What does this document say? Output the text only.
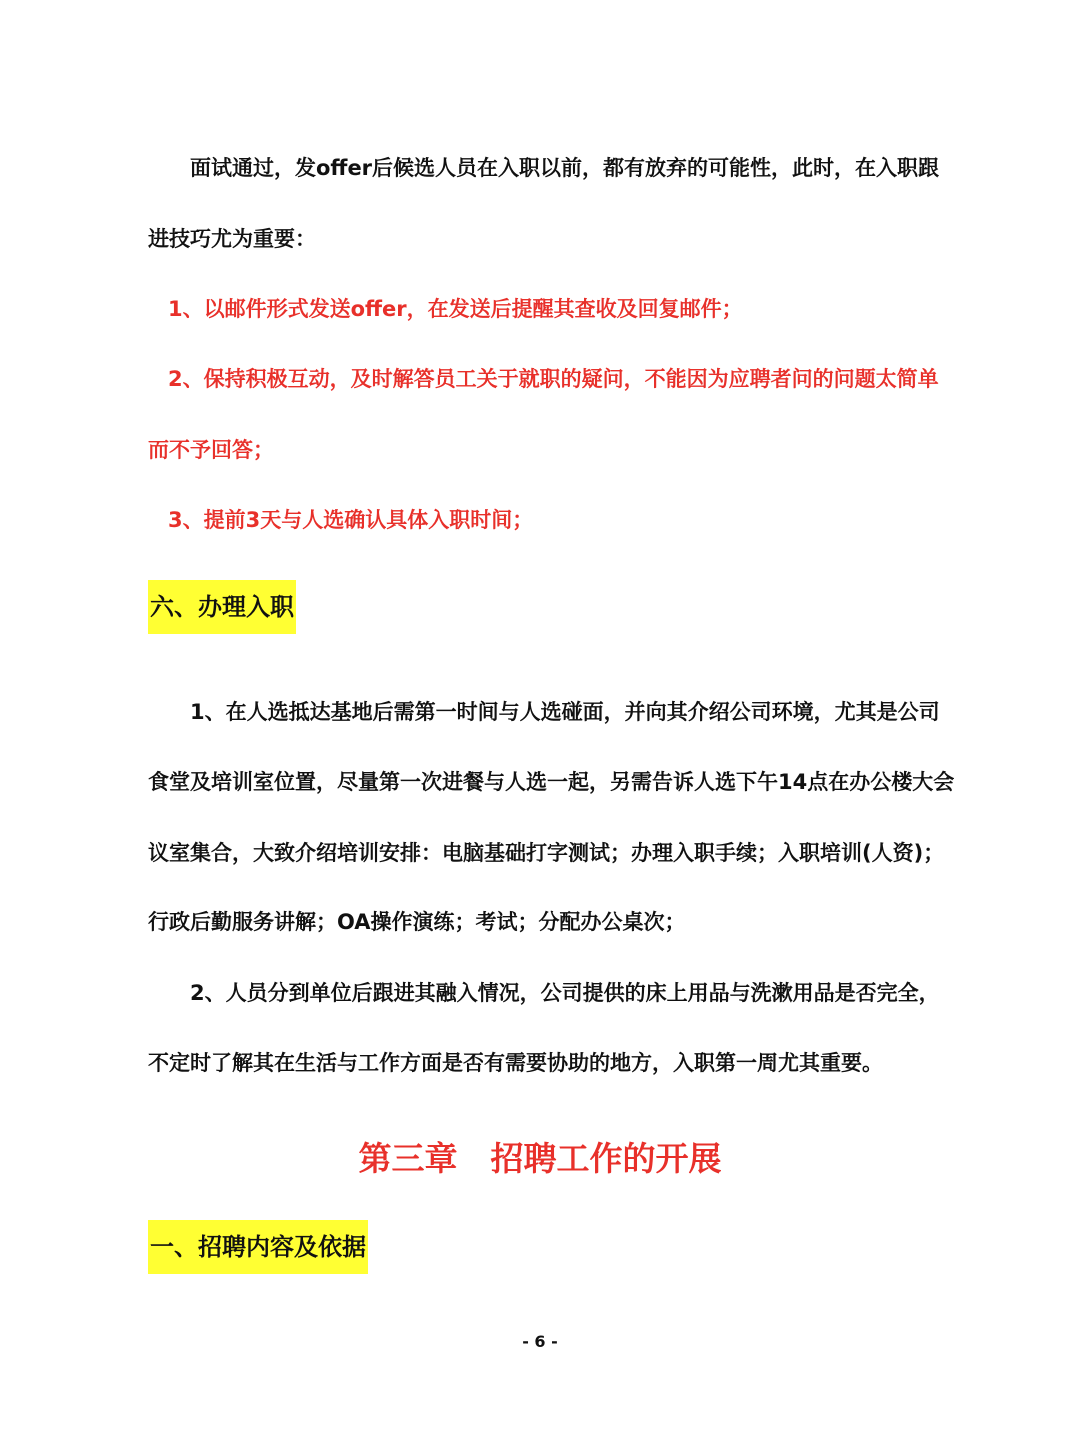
面试通过，发offer后候选人员在入职以前，都有放弃的可能性，此时，在入职跟
进技巧尤为重要：
1、以邮件形式发送offer，在发送后提醒其查收及回复邮件；
2、保持积极互动，及时解答员工关于就职的疑问，不能因为应聘者问的问题太简单
而不予回答；
3、提前3天与人选确认具体入职时间；
六、办理入职
1、在人选抵达基地后需第一时间与人选碰面，并向其介绍公司环境，尤其是公司
食堂及培训室位置，尽量第一次进餐与人选一起，另需告诉人选下午14点在办公楼大会
议室集合，大致介绍培训安排：电脑基础打字测试；办理入职手续；入职培训(人资)；
行政后勤服务讲解；OA操作演练；考试；分配办公桌次；
2、人员分到单位后跟进其融入情况，公司提供的床上用品与洗漱用品是否完全，
不定时了解其在生活与工作方面是否有需要协助的地方，入职第一周尤其重要。
第三章　招聘工作的开展
一、招聘内容及依据
- 6 -
